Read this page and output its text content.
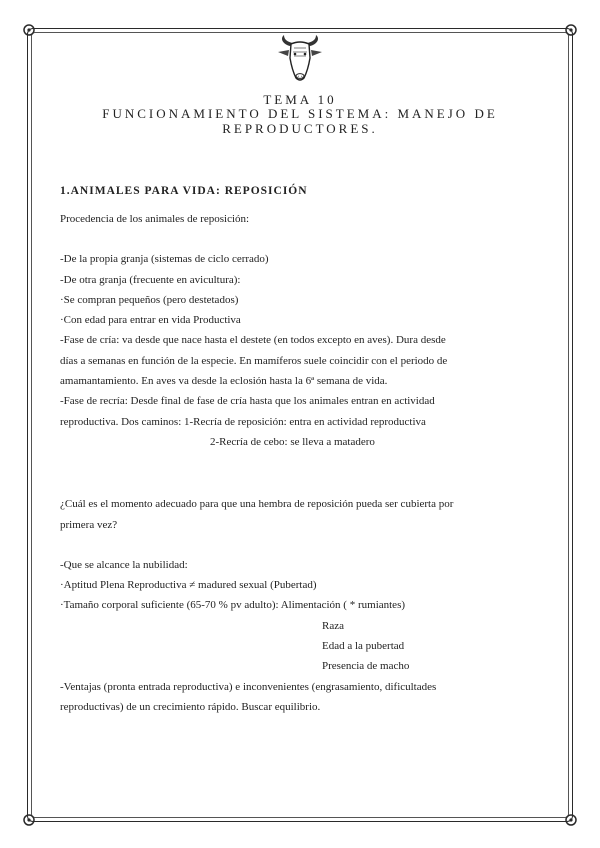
TEMA 10
FUNCIONAMIENTO DEL SISTEMA: MANEJO DE
REPRODUCTORES.
1.ANIMALES PARA VIDA: REPOSICIÓN
Procedencia de los animales de reposición:
-De la propia granja (sistemas de ciclo cerrado)
-De otra granja (frecuente en avicultura):
·Se compran pequeños (pero destetados)
·Con edad para entrar en vida Productiva
-Fase de cría: va desde que nace hasta el destete (en todos excepto en aves). Dura desde
días a semanas en función de la especie. En mamíferos suele coincidir con el periodo de
amamantamiento. En aves va desde la eclosión hasta la 6ª semana de vida.
-Fase de recría: Desde final de fase de cría hasta que los animales entran en actividad
reproductiva. Dos caminos: 1-Recría de reposición: entra en actividad reproductiva
2-Recría de cebo: se lleva a matadero
¿Cuál es el momento adecuado para que una hembra de reposición pueda ser cubierta por
primera vez?
-Que se alcance la nubilidad:
·Aptitud Plena Reproductiva ≠ madured sexual (Pubertad)
·Tamaño corporal suficiente (65-70 % pv adulto): Alimentación ( * rumiantes)
Raza
Edad a la pubertad
Presencia de macho
-Ventajas (pronta entrada reproductiva) e inconvenientes (engrasamiento, dificultades
reproductivas) de un crecimiento rápido. Buscar equilibrio.
